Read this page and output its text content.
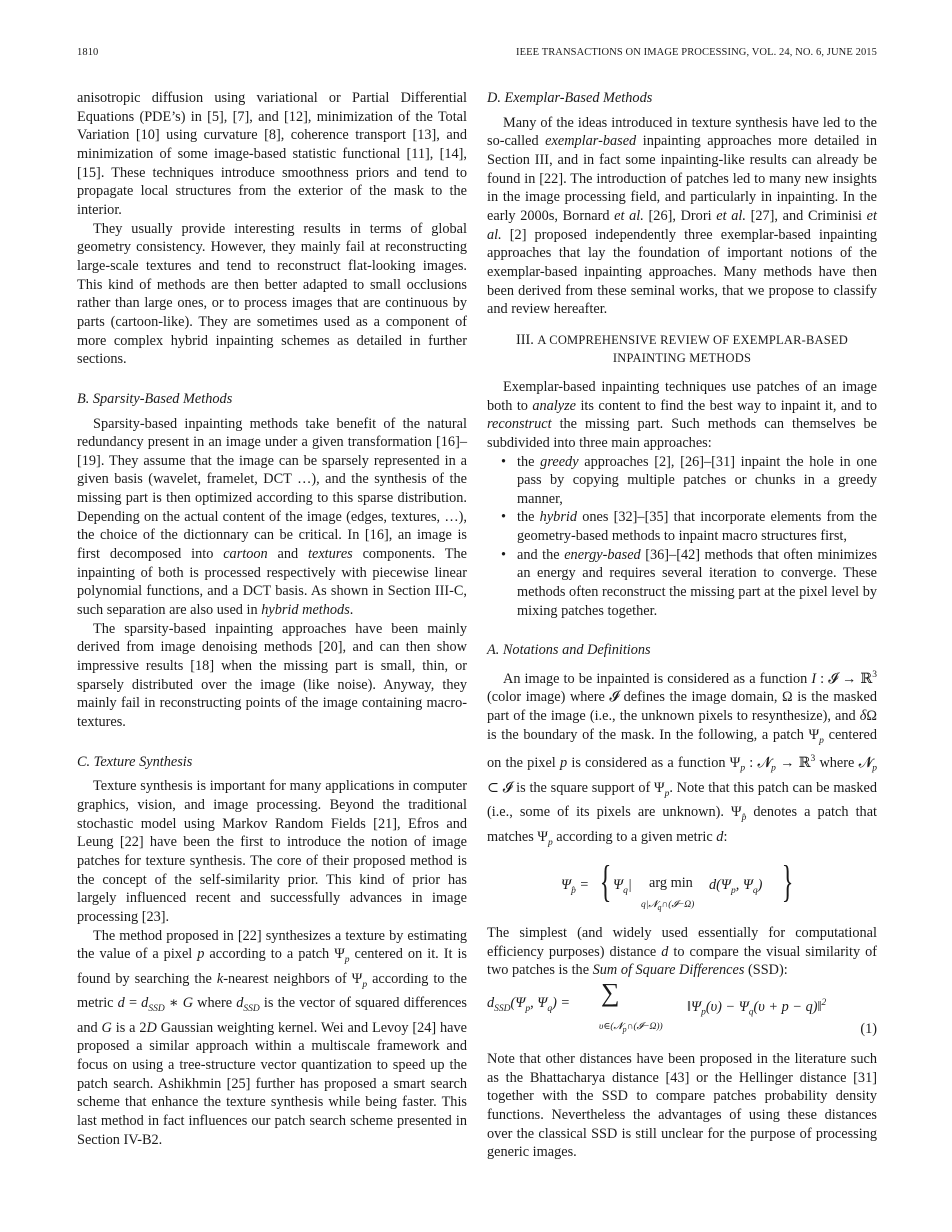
1810	IEEE TRANSACTIONS ON IMAGE PROCESSING, VOL. 24, NO. 6, JUNE 2015

anisotropic diffusion using variational or Partial Differential Equations (PDE’s) in [5], [7], and [12], minimization of the Total Variation [10] using curvature [8], coherence transport [13], and minimization of some image-based statistic functional [11], [14], [15]. These techniques introduce smoothness priors and tend to propagate local structures from the exterior of the mask to the interior.

They usually provide interesting results in terms of global geometry consistency. However, they mainly fail at reconstructing large-scale textures and tend to reconstruct flat-looking images. This kind of methods are then better adapted to small occlusions rather than large ones, or to process images that are continuous by parts (cartoon-like). They are sometimes used as a component of more complex hybrid inpainting schemes as detailed in further sections.

B. Sparsity-Based Methods

Sparsity-based inpainting methods take benefit of the natural redundancy present in an image under a given transformation [16]–[19]. They assume that the image can be sparsely represented in a given basis (wavelet, framelet, DCT …), and the synthesis of the missing part is then optimized according to this sparse distribution. Depending on the actual content of the image (edges, textures, …), the choice of the dictionnary can be critical. In [16], an image is first decomposed into cartoon and textures components. The inpainting of both is processed respectively with piecewise linear polynomial functions, and a DCT basis. As shown in Section III-C, such separation are also used in hybrid methods.

The sparsity-based inpainting approaches have been mainly derived from image denoising methods [20], and can then show impressive results [18] when the missing part is small, thin, or sparsely distributed over the image (like noise). Anyway, they mainly fail in reconstructing points of the image containing macro-textures.

C. Texture Synthesis

Texture synthesis is important for many applications in computer graphics, vision, and image processing. Beyond the traditional stochastic model using Markov Random Fields [21], Efros and Leung [22] have been the first to introduce the notion of image patches for texture synthesis. The core of their proposed method is the concept of the self-similarity prior. This kind of prior has largely influenced recent and successfully advances in image processing [23].

The method proposed in [22] synthesizes a texture by estimating the value of a pixel p according to a patch $\Psi_p$ centered on it. It is found by searching the k-nearest neighbors of $\Psi_p$ according to the metric $d = d_{SSD}$ ∗ G where $d_{SSD}$ is the vector of squared differences and G is a 2D Gaussian weighting kernel. Wei and Levoy [24] have proposed a similar approach within a multiscale framework and focus on using a tree-structure vector quantization to speed up the patch search. Ashikhmin [25] further has proposed a smart search scheme that enhance the texture synthesis while being faster. This last method in fact influences our patch search scheme presented in Section IV-B2.

D. Exemplar-Based Methods

Many of the ideas introduced in texture synthesis have led to the so-called exemplar-based inpainting approaches more detailed in Section III, and in fact some inpainting-like results can already be found in [22]. The introduction of patches led to many new insights in the image processing field, and particularly in inpainting. In the early 2000s, Bornard et al. [26], Drori et al. [27], and Criminisi et al. [2] proposed independently three exemplar-based inpainting approaches that lay the foundation of important notions of the exemplar-based inpainting approaches. Many methods have then been derived from these seminal works, that we propose to classify and review hereafter.

III. A COMPREHENSIVE REVIEW OF EXEMPLAR-BASED
INPAINTING METHODS

Exemplar-based inpainting techniques use patches of an image both to analyze its content to find the best way to inpaint it, and to reconstruct the missing part. Such methods can themselves be subdivided into three main approaches:

• the greedy approaches [2], [26]–[31] inpaint the hole in one pass by copying multiple patches or chunks in a greedy manner,
• the hybrid ones [32]–[35] that incorporate elements from the geometry-based methods to inpaint macro structures first,
• and the energy-based [36]–[42] methods that often minimizes an energy and requires several iteration to converge. These methods often reconstruct the missing part at the pixel level by mixing patches together.
A. Notations and Definitions

An image to be inpainted is considered as a function I : 𝓘 → ℝ$^3$ (color image) where 𝓘 defines the image domain, Ω is the masked part of the image (i.e., the unknown pixels to resynthesize), and δΩ is the boundary of the mask. In the following, a patch $\Psi_p$ centered on the pixel p is considered as a function $\Psi_p$ : 𝓝$_p$ → ℝ$^3$ where 𝓝$_p$ ⊂ 𝓘 is the square support of $\Psi_p$. Note that this patch can be masked (i.e., some of its pixels are unknown). $\Psi_{p̂}$ denotes a patch that matches $\Psi_p$ according to a given metric d:

$\Psi_{p̂}$ = { $\Psi_q|$ arg min
q|𝓝$_q$∩(𝓘−Ω)
$d(\Psi_p$, $\Psi_q$) }

The simplest (and widely used essentially for computational efficiency purposes) distance d to compare the visual similarity of two patches is the Sum of Square Differences (SSD):

$d_{SSD}(\Psi_p$, $\Psi_q$) = ∑
υ∈(𝓝$_p$∩(𝓘−Ω))
$‖\Psi_p(\upsilon) - \Psi_q(\upsilon + p$ − q)‖$^2$
(1)

Note that other distances have been proposed in the literature such as the Bhattacharya distance [43] or the Hellinger distance [31] together with the SSD to compare patches probability density functions. Nevertheless the advantages of using these distances over the classical SSD is still unclear for the purpose of processing generic images.
